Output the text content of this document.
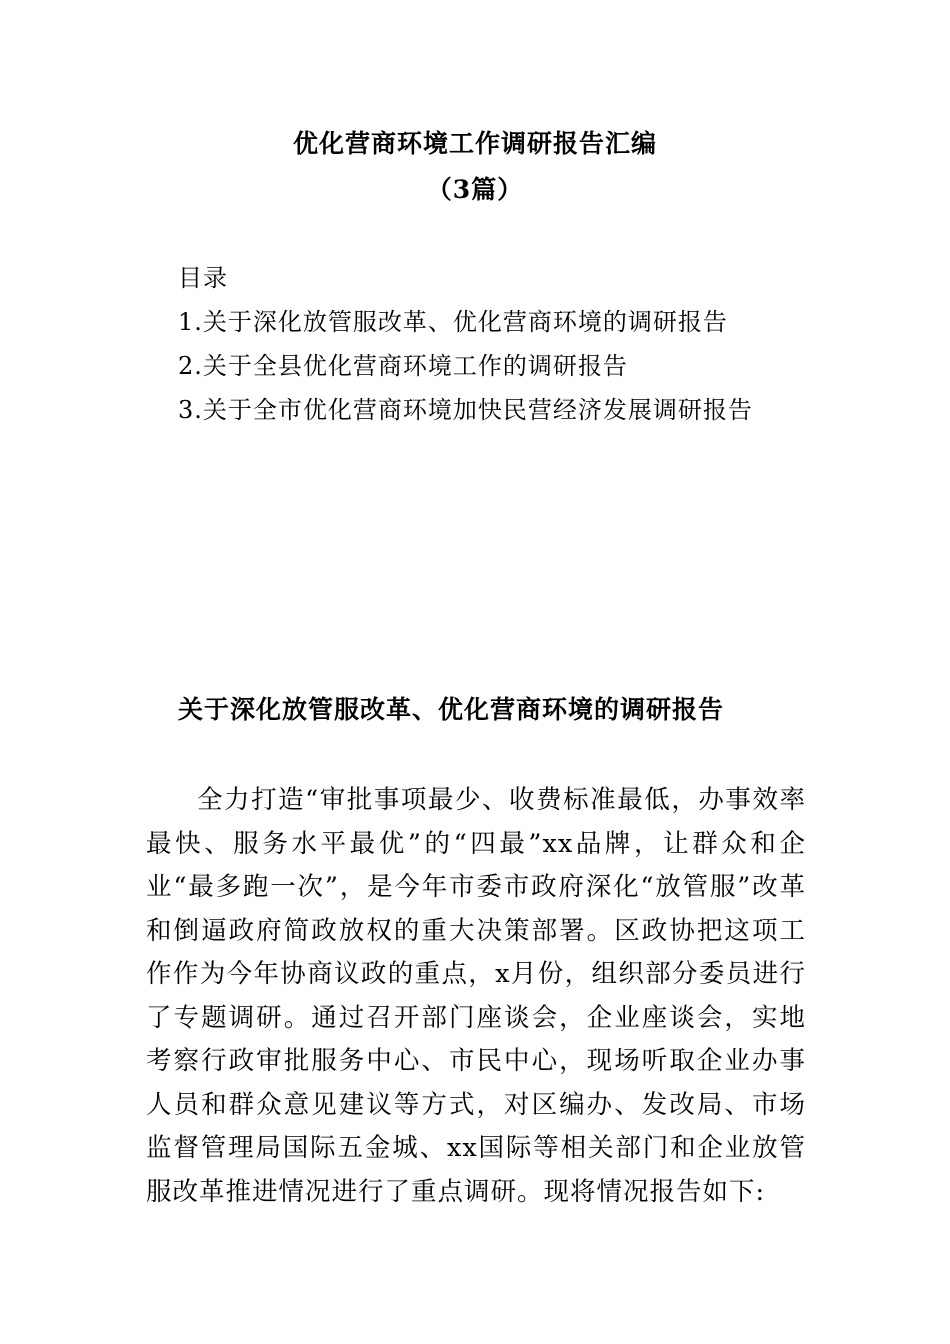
优化营商环境工作调研报告汇编
（3篇）
目录
1.关于深化放管服改革、优化营商环境的调研报告
2.关于全县优化营商环境工作的调研报告
3.关于全市优化营商环境加快民营经济发展调研报告
关于深化放管服改革、优化营商环境的调研报告

全力打造“审批事项最少、收费标准最低，办事效率最快、服务水平最优”的“四最”xx品牌，让群众和企业“最多跑一次”，是今年市委市政府深化“放管服”改革和倒逼政府简政放权的重大决策部署。区政协把这项工作作为今年协商议政的重点，x月份，组织部分委员进行了专题调研。通过召开部门座谈会，企业座谈会，实地考察行政审批服务中心、市民中心，现场听取企业办事人员和群众意见建议等方式，对区编办、发改局、市场监督管理局国际五金城、xx国际等相关部门和企业放管服改革推进情况进行了重点调研。现将情况报告如下:
